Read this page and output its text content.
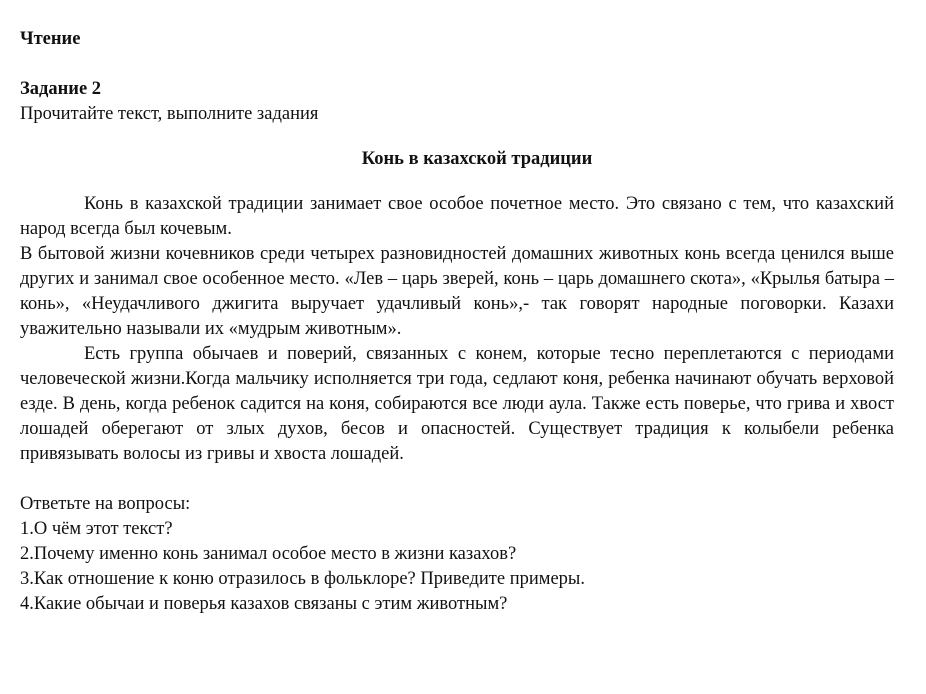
Чтение

Задание 2

Прочитайте текст, выполните задания

Конь в казахской традиции

Конь в казахской традиции занимает свое особое почетное место. Это связано с тем, что казахский народ всегда был кочевым.

В бытовой жизни кочевников среди четырех разновидностей домашних животных конь всегда ценился выше других и занимал свое особенное место. «Лев – царь зверей, конь – царь домашнего скота», «Крылья батыра – конь», «Неудачливого джигита выручает удачливый конь»,- так говорят народные поговорки. Казахи уважительно называли их «мудрым животным».

Есть группа обычаев и поверий, связанных с конем, которые тесно переплетаются с периодами человеческой жизни.Когда мальчику исполняется три года, седлают коня, ребенка начинают обучать верховой езде. В день, когда ребенок садится на коня, собираются все люди аула. Также есть поверье, что грива и хвост лошадей оберегают от злых духов, бесов и опасностей. Существует традиция к колыбели ребенка привязывать волосы из гривы и хвоста лошадей.

Ответьте на вопросы:

1.О чём этот текст?

2.Почему именно конь занимал особое место в жизни казахов?

3.Как отношение к коню отразилось в фольклоре? Приведите примеры.

4.Какие обычаи и поверья казахов связаны с этим животным?
